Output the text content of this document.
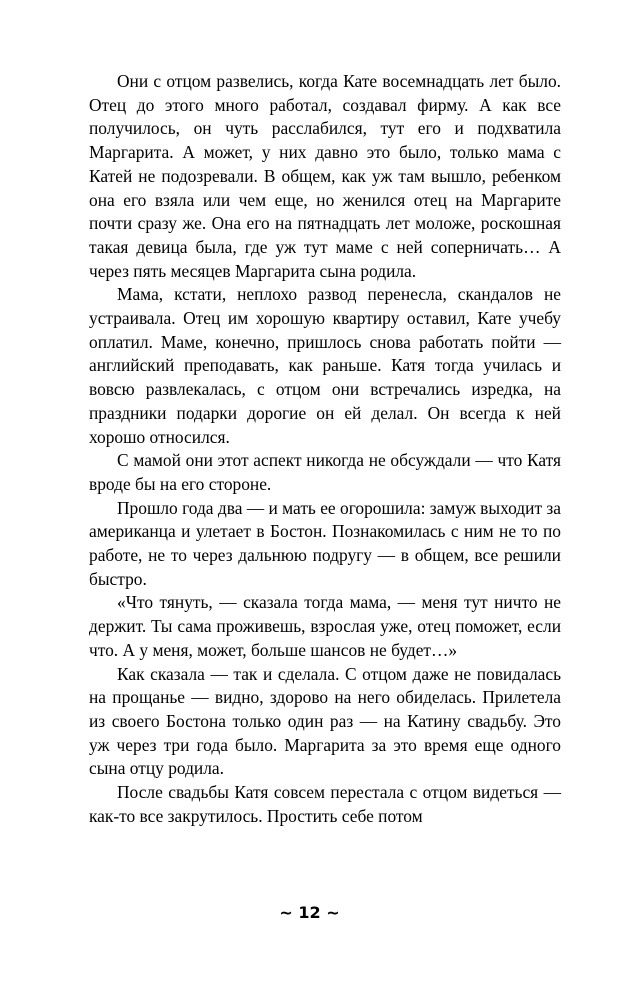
Они с отцом развелись, когда Кате восемнадцать лет было. Отец до этого много работал, создавал фирму. А как все получилось, он чуть расслабился, тут его и подхватила Маргарита. А может, у них давно это было, только мама с Катей не подозревали. В общем, как уж там вышло, ребенком она его взяла или чем еще, но женился отец на Маргарите почти сразу же. Она его на пятнадцать лет моложе, роскошная такая девица была, где уж тут маме с ней соперничать… А через пять месяцев Маргарита сына родила.

Мама, кстати, неплохо развод перенесла, скандалов не устраивала. Отец им хорошую квартиру оставил, Кате учебу оплатил. Маме, конечно, пришлось снова работать пойти — английский преподавать, как раньше. Катя тогда училась и вовсю развлекалась, с отцом они встречались изредка, на праздники подарки дорогие он ей делал. Он всегда к ней хорошо относился.

С мамой они этот аспект никогда не обсуждали — что Катя вроде бы на его стороне.

Прошло года два — и мать ее огорошила: замуж выходит за американца и улетает в Бостон. Познакомилась с ним не то по работе, не то через дальнюю подругу — в общем, все решили быстро.

«Что тянуть, — сказала тогда мама, — меня тут ничто не держит. Ты сама проживешь, взрослая уже, отец поможет, если что. А у меня, может, больше шансов не будет…»

Как сказала — так и сделала. С отцом даже не повидалась на прощанье — видно, здорово на него обиделась. Прилетела из своего Бостона только один раз — на Катину свадьбу. Это уж через три года было. Маргарита за это время еще одного сына отцу родила.

После свадьбы Катя совсем перестала с отцом видеться — как-то все закрутилось. Простить себе потом

~ 12 ~
